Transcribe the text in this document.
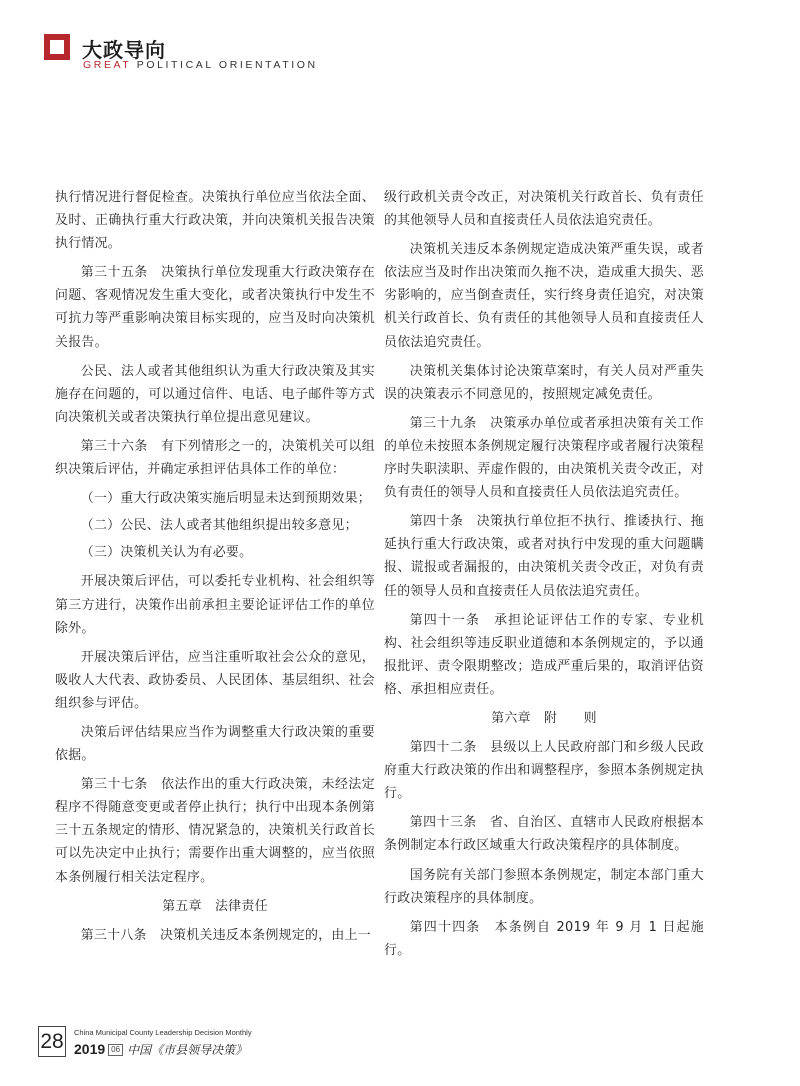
大政导向
GREAT POLITICAL ORIENTATION

执行情况进行督促检查。决策执行单位应当依法全面、及时、正确执行重大行政决策，并向决策机关报告决策执行情况。

第三十五条　决策执行单位发现重大行政决策存在问题、客观情况发生重大变化，或者决策执行中发生不可抗力等严重影响决策目标实现的，应当及时向决策机关报告。

公民、法人或者其他组织认为重大行政决策及其实施存在问题的，可以通过信件、电话、电子邮件等方式向决策机关或者决策执行单位提出意见建议。

第三十六条　有下列情形之一的，决策机关可以组织决策后评估，并确定承担评估具体工作的单位：

（一）重大行政决策实施后明显未达到预期效果；

（二）公民、法人或者其他组织提出较多意见；

（三）决策机关认为有必要。

开展决策后评估，可以委托专业机构、社会组织等第三方进行，决策作出前承担主要论证评估工作的单位除外。

开展决策后评估，应当注重听取社会公众的意见，吸收人大代表、政协委员、人民团体、基层组织、社会组织参与评估。

决策后评估结果应当作为调整重大行政决策的重要依据。

第三十七条　依法作出的重大行政决策，未经法定程序不得随意变更或者停止执行；执行中出现本条例第三十五条规定的情形、情况紧急的，决策机关行政首长可以先决定中止执行；需要作出重大调整的，应当依照本条例履行相关法定程序。

第五章　法律责任

第三十八条　决策机关违反本条例规定的，由上一

级行政机关责令改正，对决策机关行政首长、负有责任的其他领导人员和直接责任人员依法追究责任。

决策机关违反本条例规定造成决策严重失误，或者依法应当及时作出决策而久拖不决，造成重大损失、恶劣影响的，应当倒查责任，实行终身责任追究，对决策机关行政首长、负有责任的其他领导人员和直接责任人员依法追究责任。

决策机关集体讨论决策草案时，有关人员对严重失误的决策表示不同意见的，按照规定减免责任。

第三十九条　决策承办单位或者承担决策有关工作的单位未按照本条例规定履行决策程序或者履行决策程序时失职渎职、弄虚作假的，由决策机关责令改正，对负有责任的领导人员和直接责任人员依法追究责任。

第四十条　决策执行单位拒不执行、推诿执行、拖延执行重大行政决策，或者对执行中发现的重大问题瞒报、谎报或者漏报的，由决策机关责令改正，对负有责任的领导人员和直接责任人员依法追究责任。

第四十一条　承担论证评估工作的专家、专业机构、社会组织等违反职业道德和本条例规定的，予以通报批评、责令限期整改；造成严重后果的，取消评估资格、承担相应责任。

第六章　附　　则

第四十二条　县级以上人民政府部门和乡级人民政府重大行政决策的作出和调整程序，参照本条例规定执行。

第四十三条　省、自治区、直辖市人民政府根据本条例制定本行政区域重大行政决策程序的具体制度。

国务院有关部门参照本条例规定，制定本部门重大行政决策程序的具体制度。

第四十四条　本条例自 2019 年 9 月 1 日起施行。

28	China Municipal County Leadership Decision Monthly
2019 06 中国《市县领导决策》
